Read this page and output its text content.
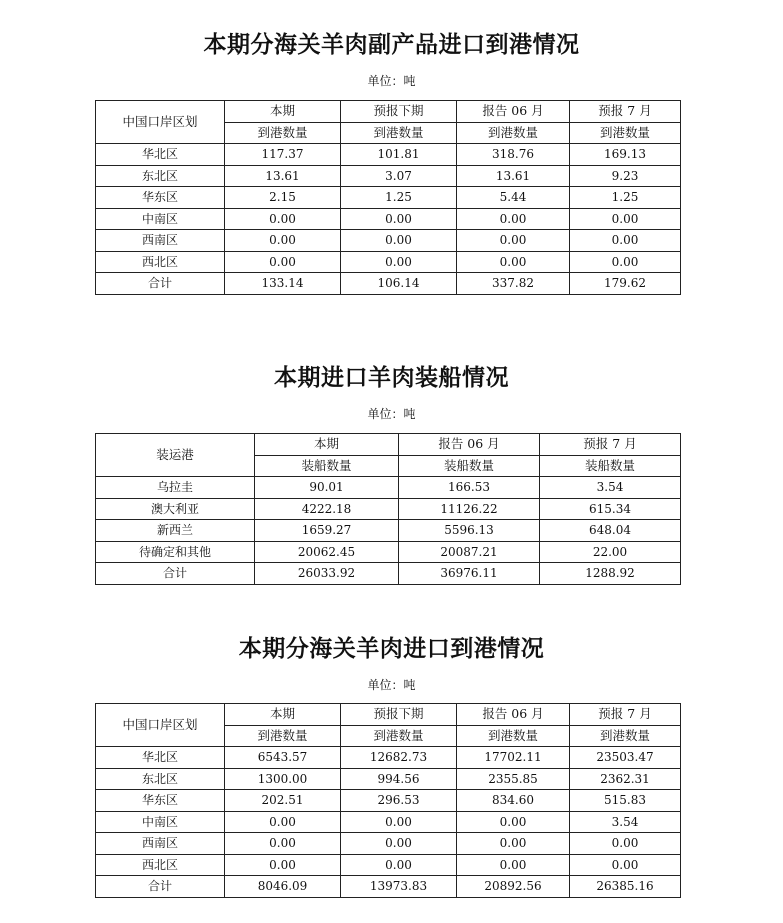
本期分海关羊肉副产品进口到港情况
单位：吨
中国口岸区划	本期	预报下期	报告 06 月	预报 7 月
	到港数量	到港数量	到港数量	到港数量
华北区	117.37	101.81	318.76	169.13
东北区	13.61	3.07	13.61	9.23
华东区	2.15	1.25	5.44	1.25
中南区	0.00	0.00	0.00	0.00
西南区	0.00	0.00	0.00	0.00
西北区	0.00	0.00	0.00	0.00
合计	133.14	106.14	337.82	179.62
本期进口羊肉装船情况
单位：吨
装运港	本期	报告 06 月	预报 7 月
	装船数量	装船数量	装船数量
乌拉圭	90.01	166.53	3.54
澳大利亚	4222.18	11126.22	615.34
新西兰	1659.27	5596.13	648.04
待确定和其他	20062.45	20087.21	22.00
合计	26033.92	36976.11	1288.92
本期分海关羊肉进口到港情况
单位：吨
中国口岸区划	本期	预报下期	报告 06 月	预报 7 月
	到港数量	到港数量	到港数量	到港数量
华北区	6543.57	12682.73	17702.11	23503.47
东北区	1300.00	994.56	2355.85	2362.31
华东区	202.51	296.53	834.60	515.83
中南区	0.00	0.00	0.00	3.54
西南区	0.00	0.00	0.00	0.00
西北区	0.00	0.00	0.00	0.00
合计	8046.09	13973.83	20892.56	26385.16
